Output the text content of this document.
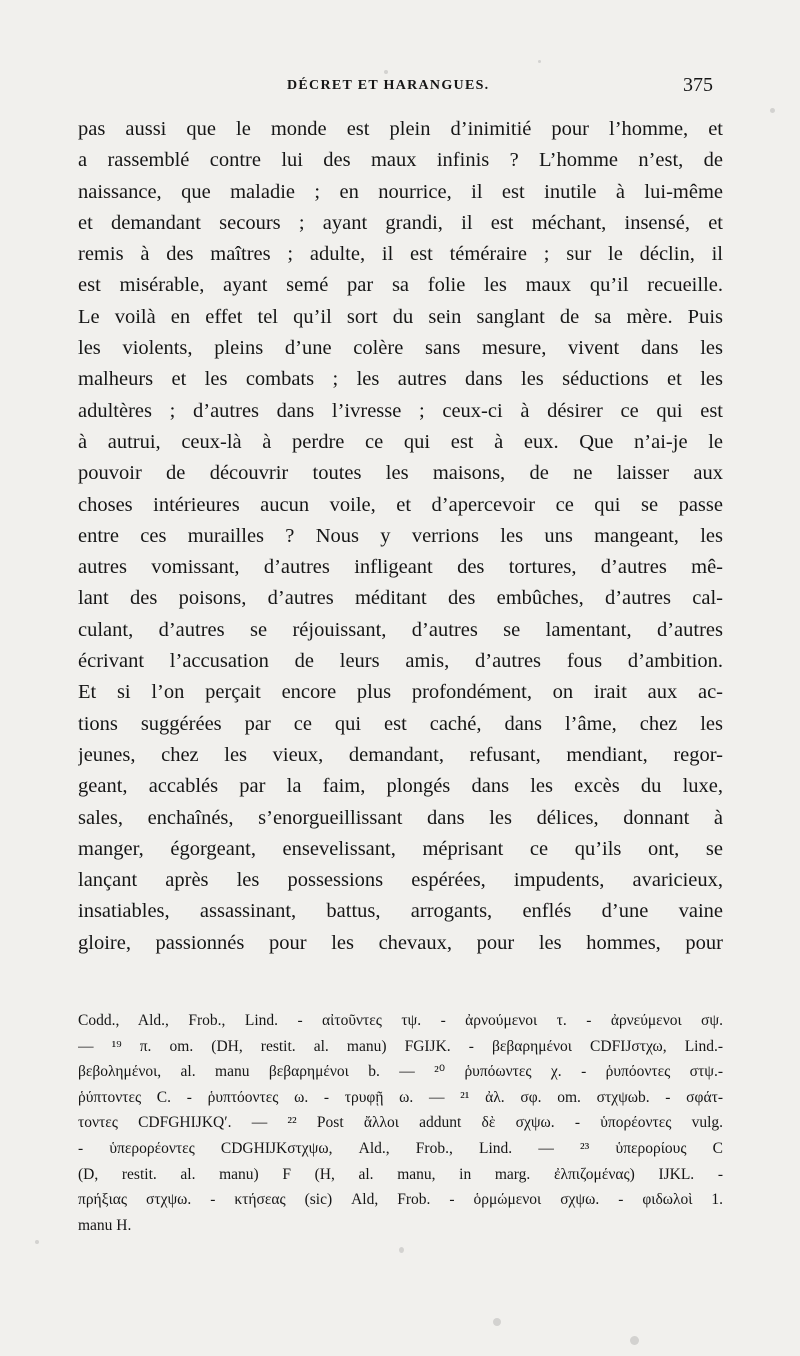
DÉCRET ET HARANGUES.	375
pas aussi que le monde est plein d’inimitié pour l’homme, et
a rassemblé contre lui des maux infinis ? L’homme n’est, de
naissance, que maladie ; en nourrice, il est inutile à lui-même
et demandant secours ; ayant grandi, il est méchant, insensé, et
remis à des maîtres ; adulte, il est téméraire ; sur le déclin, il
est misérable, ayant semé par sa folie les maux qu’il recueille.
Le voilà en effet tel qu’il sort du sein sanglant de sa mère. Puis
les violents, pleins d’une colère sans mesure, vivent dans les
malheurs et les combats ; les autres dans les séductions et les
adultères ; d’autres dans l’ivresse ; ceux-ci à désirer ce qui est
à autrui, ceux-là à perdre ce qui est à eux. Que n’ai-je le
pouvoir de découvrir toutes les maisons, de ne laisser aux
choses intérieures aucun voile, et d’apercevoir ce qui se passe
entre ces murailles ? Nous y verrions les uns mangeant, les
autres vomissant, d’autres infligeant des tortures, d’autres mê-
lant des poisons, d’autres méditant des embûches, d’autres cal-
culant, d’autres se réjouissant, d’autres se lamentant, d’autres
écrivant l’accusation de leurs amis, d’autres fous d’ambition.
Et si l’on perçait encore plus profondément, on irait aux ac-
tions suggérées par ce qui est caché, dans l’âme, chez les
jeunes, chez les vieux, demandant, refusant, mendiant, regor-
geant, accablés par la faim, plongés dans les excès du luxe,
sales, enchaînés, s’enorgueillissant dans les délices, donnant à
manger, égorgeant, ensevelissant, méprisant ce qu’ils ont, se
lançant après les possessions espérées, impudents, avaricieux,
insatiables, assassinant, battus, arrogants, enflés d’une vaine
gloire, passionnés pour les chevaux, pour les hommes, pour
Codd., Ald., Frob., Lind. - αἰτοῦντες τψ. - ἀρνούμενοι τ. - ἀρνεύμενοι σψ.
— ¹⁹ π. om. (DH, restit. al. manu) FGIJK. - βεβαρημένοι CDFIJστχω, Lind.-
βεβολημένοι, al. manu βεβαρημένοι b. — ²⁰ ῥυπόωντες χ. - ῥυπόοντες στψ.-
ῥύπτοντες C. - ῥυπτόοντες ω. - τρυφῇ ω. — ²¹ ἀλ. σφ. om. στχψωb. - σφάτ-
τοντες CDFGHIJKQ′. — ²² Post ἄλλοι addunt δὲ σχψω. - ὑπορέοντες vulg.
- ὑπερορέοντες CDGHIJKστχψω, Ald., Frob., Lind. — ²³ ὑπερορίους C
(D, restit. al. manu) F (H, al. manu, in marg. ἐλπιζομένας) IJKL. -
πρήξιας στχψω. - κτήσεας (sic) Ald, Frob. - ὁρμώμενοι σχψω. - φιδωλοὶ 1.
manu H.
